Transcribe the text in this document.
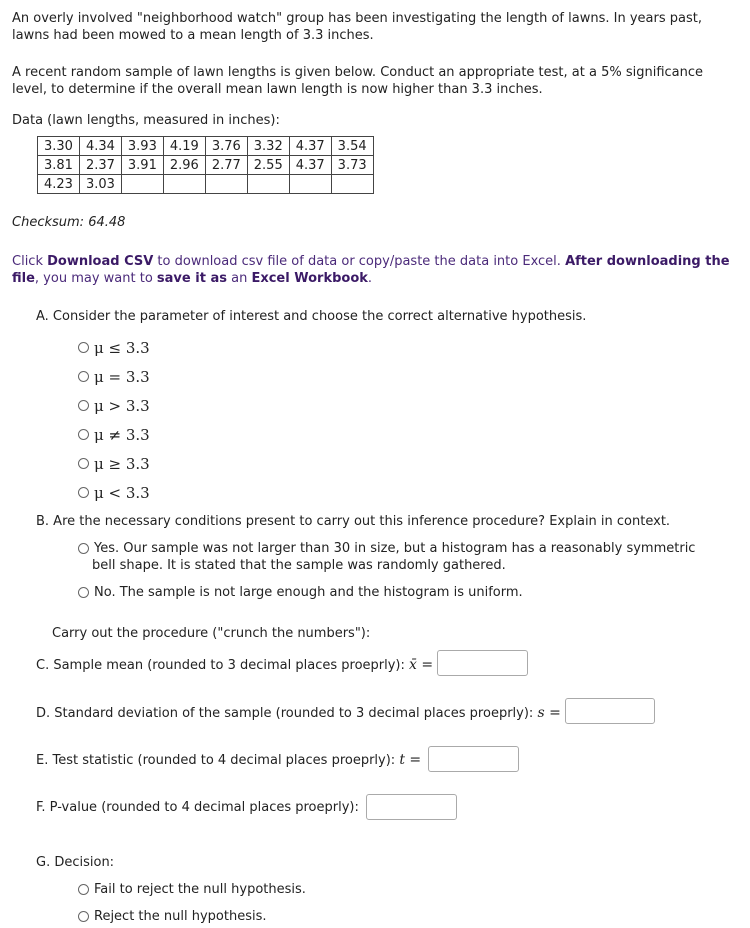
An overly involved "neighborhood watch" group has been investigating the length of lawns. In years past, lawns had been mowed to a mean length of 3.3 inches.
A recent random sample of lawn lengths is given below. Conduct an appropriate test, at a 5% significance level, to determine if the overall mean lawn length is now higher than 3.3 inches.
Data (lawn lengths, measured in inches):
3.30	4.34	3.93	4.19	3.76	3.32	4.37	3.54
3.81	2.37	3.91	2.96	2.77	2.55	4.37	3.73
4.23	3.03						
Checksum: 64.48
Click Download CSV to download csv file of data or copy/paste the data into Excel. After downloading the file, you may want to save it as an Excel Workbook.
A. Consider the parameter of interest and choose the correct alternative hypothesis.
μ ≤ 3.3
μ = 3.3
μ > 3.3
μ ≠ 3.3
μ ≥ 3.3
μ < 3.3
B. Are the necessary conditions present to carry out this inference procedure? Explain in context.
Yes. Our sample was not larger than 30 in size, but a histogram has a reasonably symmetric
bell shape. It is stated that the sample was randomly gathered.
No. The sample is not large enough and the histogram is uniform.
Carry out the procedure ("crunch the numbers"):
C. Sample mean (rounded to 3 decimal places proeprly): x̄ =
D. Standard deviation of the sample (rounded to 3 decimal places proeprly): s =
E. Test statistic (rounded to 4 decimal places proeprly): t =
F. P-value (rounded to 4 decimal places proeprly):
G. Decision:
Fail to reject the null hypothesis.
Reject the null hypothesis.
